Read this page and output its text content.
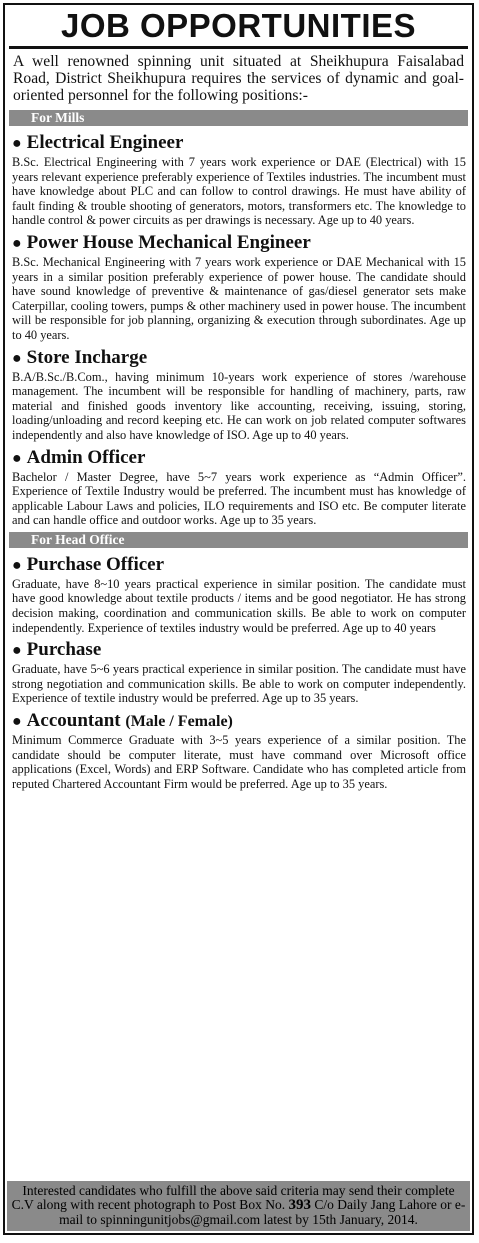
JOB OPPORTUNITIES

A well renowned spinning unit situated at Sheikhupura Faisalabad Road, District Sheikhupura requires the services of dynamic and goal-oriented personnel for the following positions:-

For Mills
● Electrical Engineer
B.Sc. Electrical Engineering with 7 years work experience or DAE (Electrical) with 15 years relevant experience preferably experience of Textiles industries. The incumbent must have knowledge about PLC and can follow to control drawings. He must have ability of fault finding & trouble shooting of generators, motors, transformers etc. The knowledge to handle control & power circuits as per drawings is necessary. Age up to 40 years.
● Power House Mechanical Engineer
B.Sc. Mechanical Engineering with 7 years work experience or DAE Mechanical with 15 years in a similar position preferably experience of power house. The candidate should have sound knowledge of preventive & maintenance of gas/diesel generator sets make Caterpillar, cooling towers, pumps & other machinery used in power house. The incumbent will be responsible for job planning, organizing & execution through subordinates. Age up to 40 years.
● Store Incharge
B.A/B.Sc./B.Com., having minimum 10-years work experience of stores /warehouse management. The incumbent will be responsible for handling of machinery, parts, raw material and finished goods inventory like accounting, receiving, issuing, storing, loading/unloading and record keeping etc. He can work on job related computer softwares independently and also have knowledge of ISO. Age up to 40 years.
● Admin Officer
Bachelor / Master Degree, have 5~7 years work experience as “Admin Officer”. Experience of Textile Industry would be preferred. The incumbent must has knowledge of applicable Labour Laws and policies, ILO requirements and ISO etc. Be computer literate and can handle office and outdoor works. Age up to 35 years.
For Head Office
● Purchase Officer
Graduate, have 8~10 years practical experience in similar position. The candidate must have good knowledge about textile products / items and be good negotiator. He has strong decision making, coordination and communication skills. Be able to work on computer independently. Experience of textiles industry would be preferred. Age up to 40 years
● Purchase
Graduate, have 5~6 years practical experience in similar position. The candidate must have strong negotiation and communication skills. Be able to work on computer independently. Experience of textile industry would be preferred. Age up to 35 years.
● Accountant (Male / Female)
Minimum Commerce Graduate with 3~5 years experience of a similar position. The candidate should be computer literate, must have command over Microsoft office applications (Excel, Words) and ERP Software. Candidate who has completed article from reputed Chartered Accountant Firm would be preferred. Age up to 35 years.
Interested candidates who fulfill the above said criteria may send their complete C.V along with recent photograph to Post Box No. 393 C/o Daily Jang Lahore or e-mail to spinningunitjobs@gmail.com latest by 15th January, 2014.
